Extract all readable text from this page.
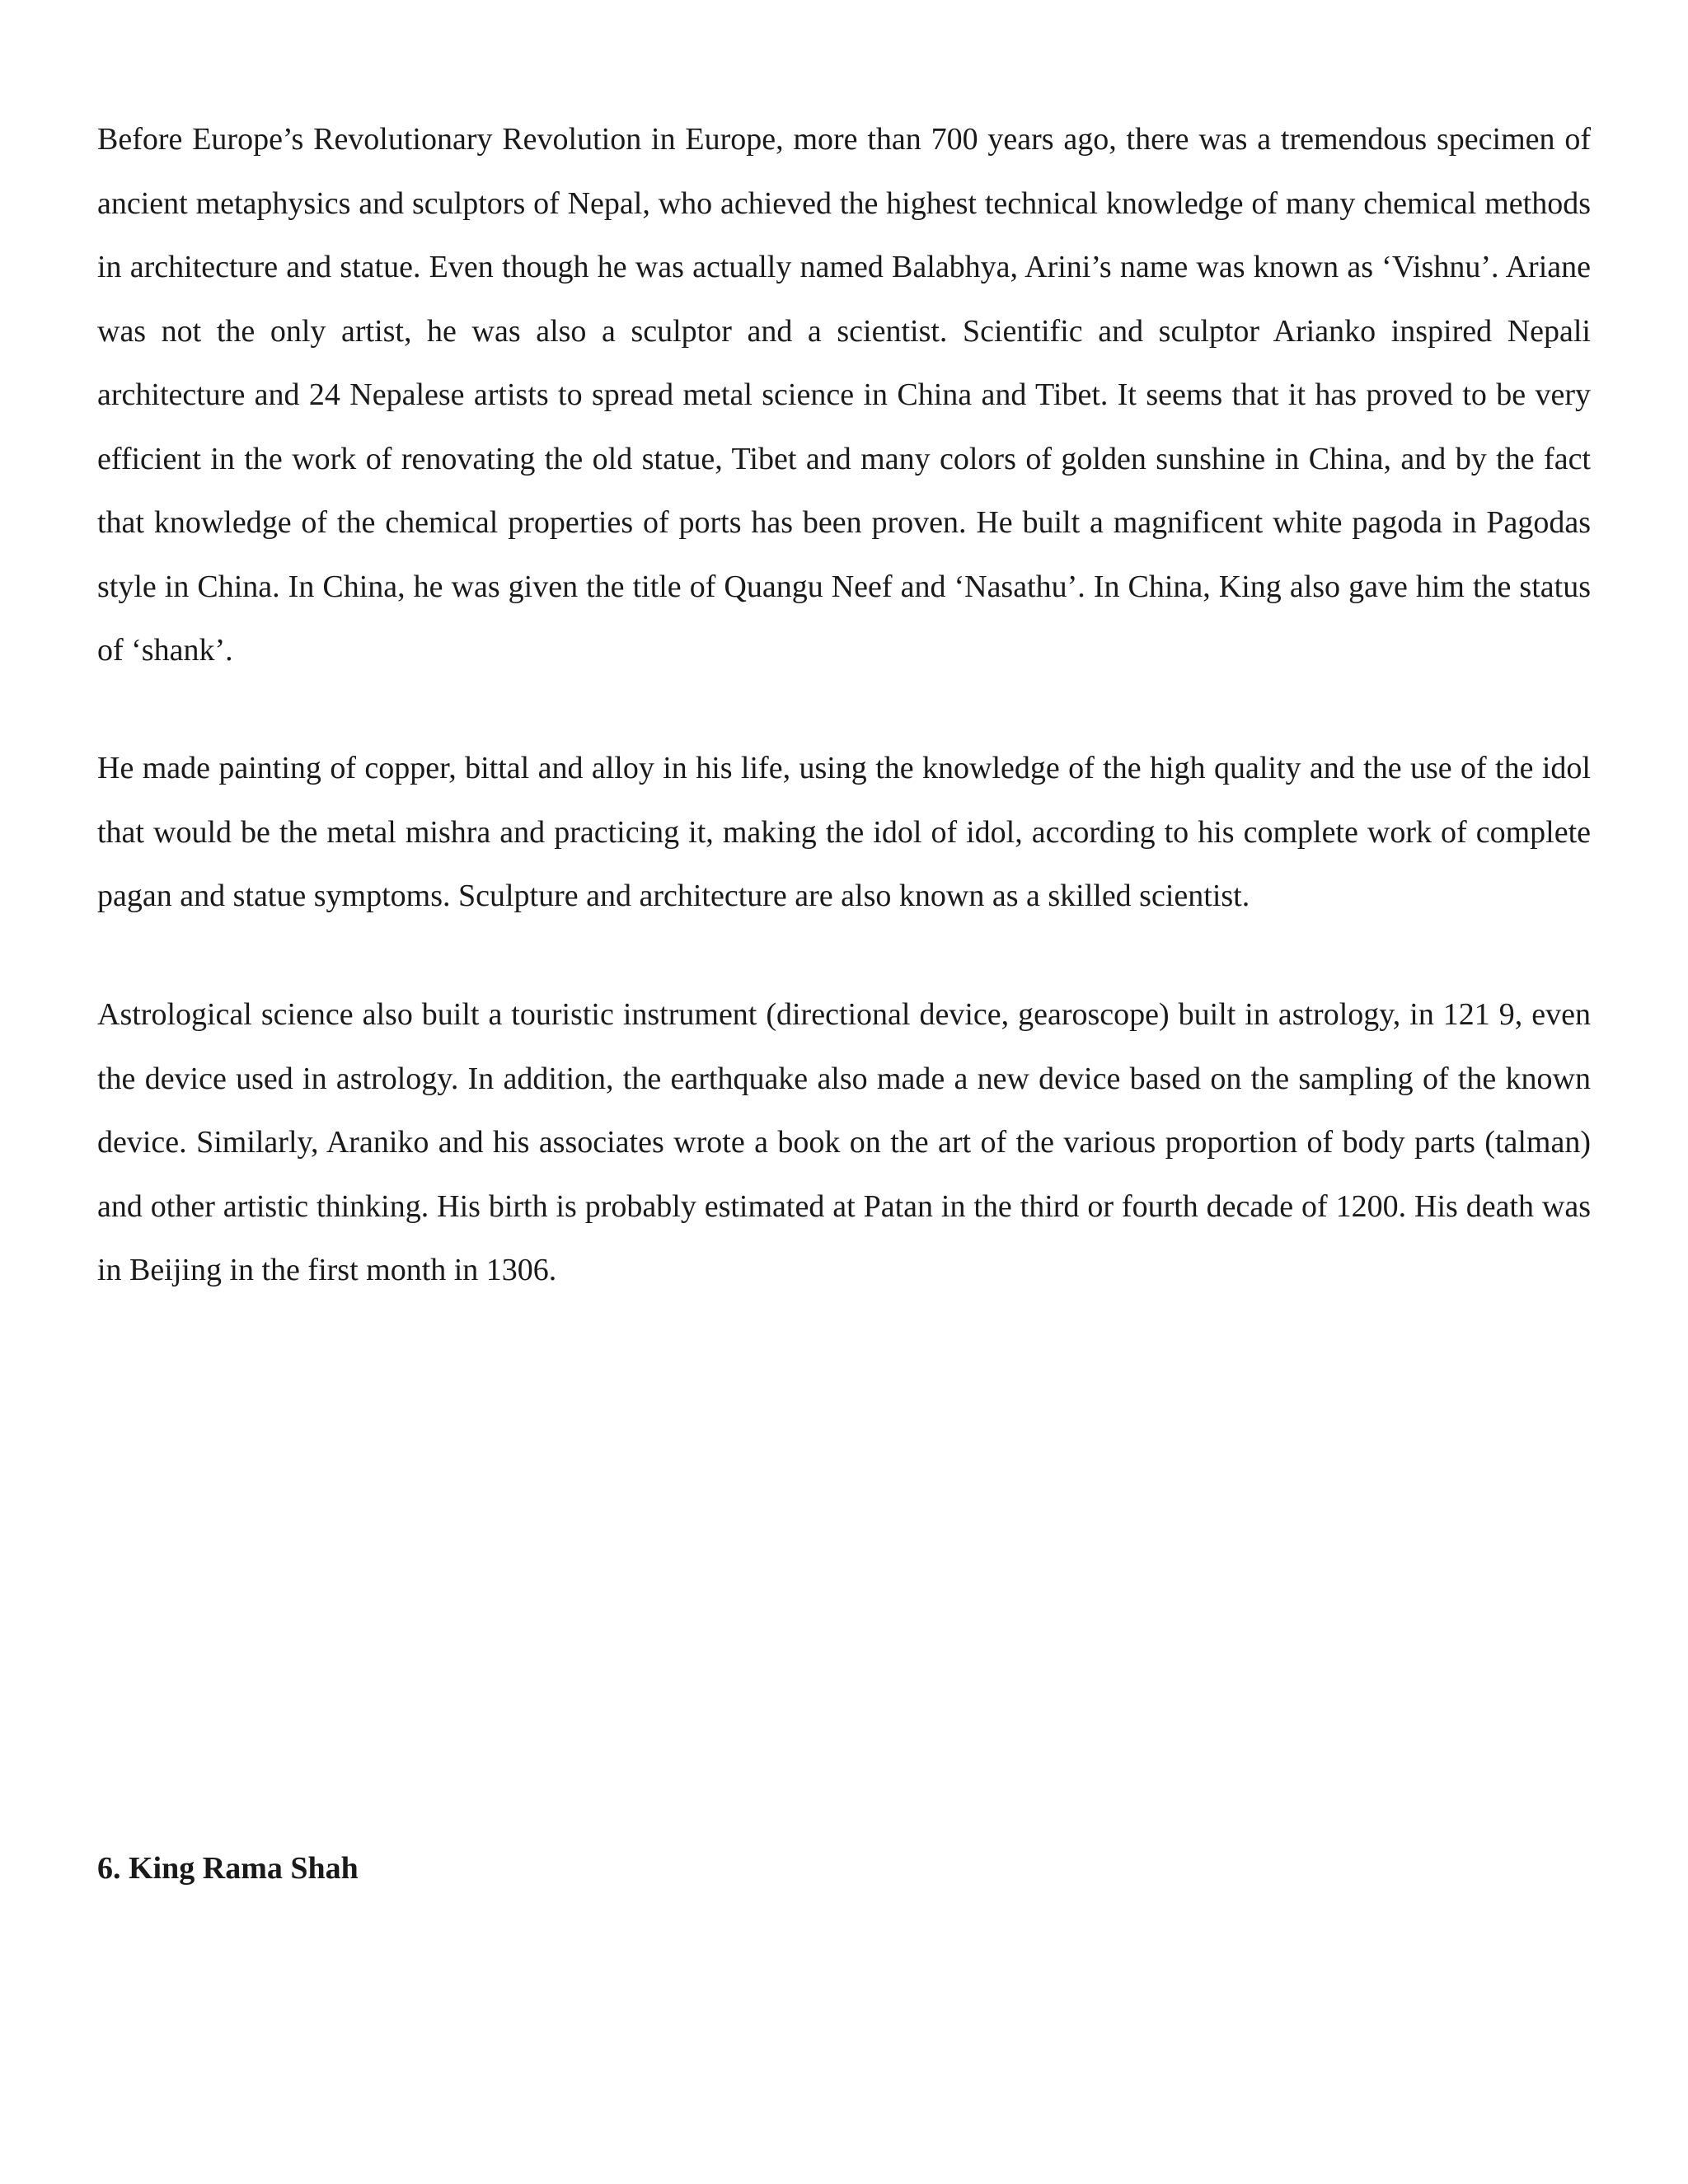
Before Europe’s Revolutionary Revolution in Europe, more than 700 years ago, there was a tremendous specimen of ancient metaphysics and sculptors of Nepal, who achieved the highest technical knowledge of many chemical methods in architecture and statue. Even though he was actually named Balabhya, Arini’s name was known as ‘Vishnu’. Ariane was not the only artist, he was also a sculptor and a scientist. Scientific and sculptor Arianko inspired Nepali architecture and 24 Nepalese artists to spread metal science in China and Tibet. It seems that it has proved to be very efficient in the work of renovating the old statue, Tibet and many colors of golden sunshine in China, and by the fact that knowledge of the chemical properties of ports has been proven. He built a magnificent white pagoda in Pagodas style in China. In China, he was given the title of Quangu Neef and ‘Nasathu’. In China, King also gave him the status of ‘shank’.

He made painting of copper, bittal and alloy in his life, using the knowledge of the high quality and the use of the idol that would be the metal mishra and practicing it, making the idol of idol, according to his complete work of complete pagan and statue symptoms. Sculpture and architecture are also known as a skilled scientist.

Astrological science also built a touristic instrument (directional device, gearoscope) built in astrology, in 121 9, even the device used in astrology. In addition, the earthquake also made a new device based on the sampling of the known device. Similarly, Araniko and his associates wrote a book on the art of the various proportion of body parts (talman) and other artistic thinking. His birth is probably estimated at Patan in the third or fourth decade of 1200. His death was in Beijing in the first month in 1306.

6. King Rama Shah
